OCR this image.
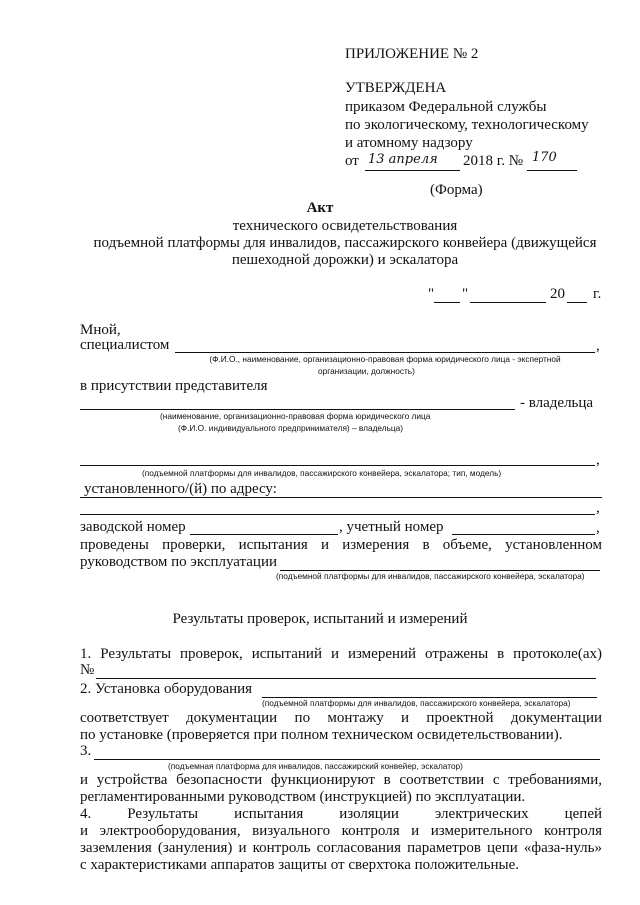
ПРИЛОЖЕНИЕ № 2
УТВЕРЖДЕНА
приказом Федеральной службы
по экологическому, технологическому
и атомному надзору
от 13 апреля 2018 г. № 170
(Форма)
Акт
технического освидетельствования
подъемной платформы для инвалидов, пассажирского конвейера (движущейся
пешеходной дорожки) и эскалатора
" "	20 г.
Мной,
специалистом	,
(Ф.И.О., наименование, организационно-правовая форма юридического лица - экспертной
организации, должность)
в присутствии представителя
- владельца
(наименование, организационно-правовая форма юридического лица
(Ф.И.О. индивидуального предпринимателя) – владельца)
,
(подъемной платформы для инвалидов, пассажирского конвейера, эскалатора; тип, модель)
установленного/(й) по адресу:
,
заводской номер	, учетный номер	,
проведены проверки, испытания и измерения в объеме, установленном
руководством по эксплуатации
(подъемной платформы для инвалидов, пассажирского конвейера, эскалатора)
Результаты проверок, испытаний и измерений
1. Результаты проверок, испытаний и измерений отражены в протоколе(ах)
№
2. Установка оборудования
(подъемной платформы для инвалидов, пассажирского конвейера, эскалатора)
соответствует документации по монтажу и проектной документации
по установке (проверяется при полном техническом освидетельствовании).
3.
(подъемная платформа для инвалидов, пассажирский конвейер, эскалатор)
и устройства безопасности функционируют в соответствии с требованиями,
регламентированными руководством (инструкцией) по эксплуатации.
4. Результаты испытания изоляции электрических цепей
и электрооборудования, визуального контроля и измерительного контроля
заземления (зануления) и контроль согласования параметров цепи «фаза-нуль»
с характеристиками аппаратов защиты от сверхтока положительные.
